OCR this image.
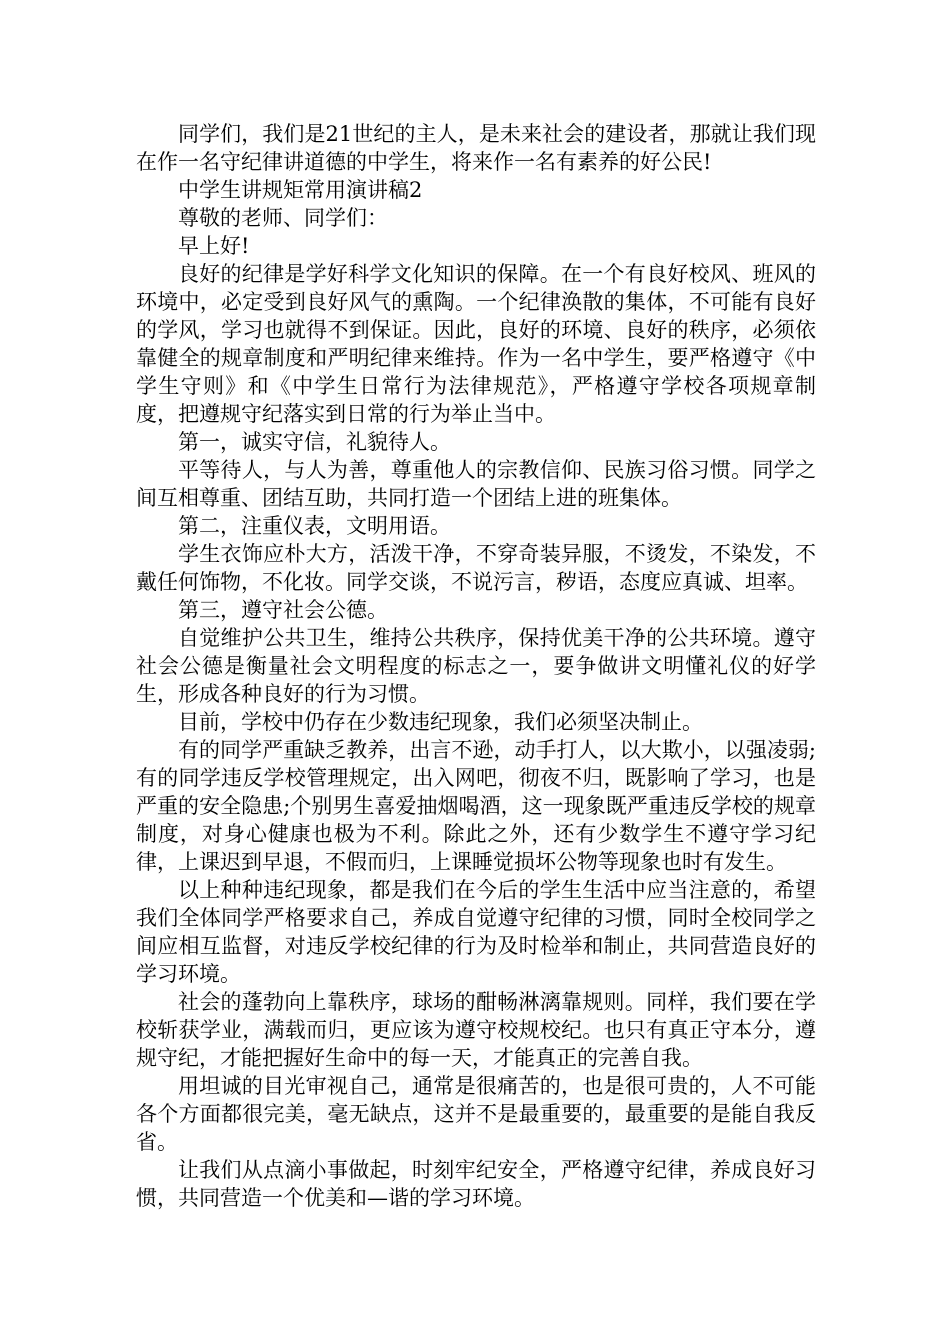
同学们，我们是21世纪的主人，是未来社会的建设者，那就让我们现在作一名守纪律讲道德的中学生，将来作一名有素养的好公民!

中学生讲规矩常用演讲稿2

尊敬的老师、同学们：

早上好!

良好的纪律是学好科学文化知识的保障。在一个有良好校风、班风的环境中，必定受到良好风气的熏陶。一个纪律涣散的集体，不可能有良好的学风，学习也就得不到保证。因此，良好的环境、良好的秩序，必须依靠健全的规章制度和严明纪律来维持。作为一名中学生，要严格遵守《中学生守则》和《中学生日常行为法律规范》，严格遵守学校各项规章制度，把遵规守纪落实到日常的行为举止当中。

第一，诚实守信，礼貌待人。

平等待人，与人为善，尊重他人的宗教信仰、民族习俗习惯。同学之间互相尊重、团结互助，共同打造一个团结上进的班集体。

第二，注重仪表，文明用语。

学生衣饰应朴大方，活泼干净，不穿奇装异服，不烫发，不染发，不戴任何饰物，不化妆。同学交谈，不说污言，秽语，态度应真诚、坦率。

第三，遵守社会公德。

自觉维护公共卫生，维持公共秩序，保持优美干净的公共环境。遵守社会公德是衡量社会文明程度的标志之一，要争做讲文明懂礼仪的好学生，形成各种良好的行为习惯。

目前，学校中仍存在少数违纪现象，我们必须坚决制止。

有的同学严重缺乏教养，出言不逊，动手打人，以大欺小，以强凌弱;有的同学违反学校管理规定，出入网吧，彻夜不归，既影响了学习，也是严重的安全隐患;个别男生喜爱抽烟喝酒，这一现象既严重违反学校的规章制度，对身心健康也极为不利。除此之外，还有少数学生不遵守学习纪律，上课迟到早退，不假而归，上课睡觉损坏公物等现象也时有发生。

以上种种违纪现象，都是我们在今后的学生生活中应当注意的，希望我们全体同学严格要求自己，养成自觉遵守纪律的习惯，同时全校同学之间应相互监督，对违反学校纪律的行为及时检举和制止，共同营造良好的学习环境。

社会的蓬勃向上靠秩序，球场的酣畅淋漓靠规则。同样，我们要在学校斩获学业，满载而归，更应该为遵守校规校纪。也只有真正守本分，遵规守纪，才能把握好生命中的每一天，才能真正的完善自我。

用坦诚的目光审视自己，通常是很痛苦的，也是很可贵的，人不可能各个方面都很完美，毫无缺点，这并不是最重要的，最重要的是能自我反省。

让我们从点滴小事做起，时刻牢纪安全，严格遵守纪律，养成良好习惯，共同营造一个优美和—谐的学习环境。
